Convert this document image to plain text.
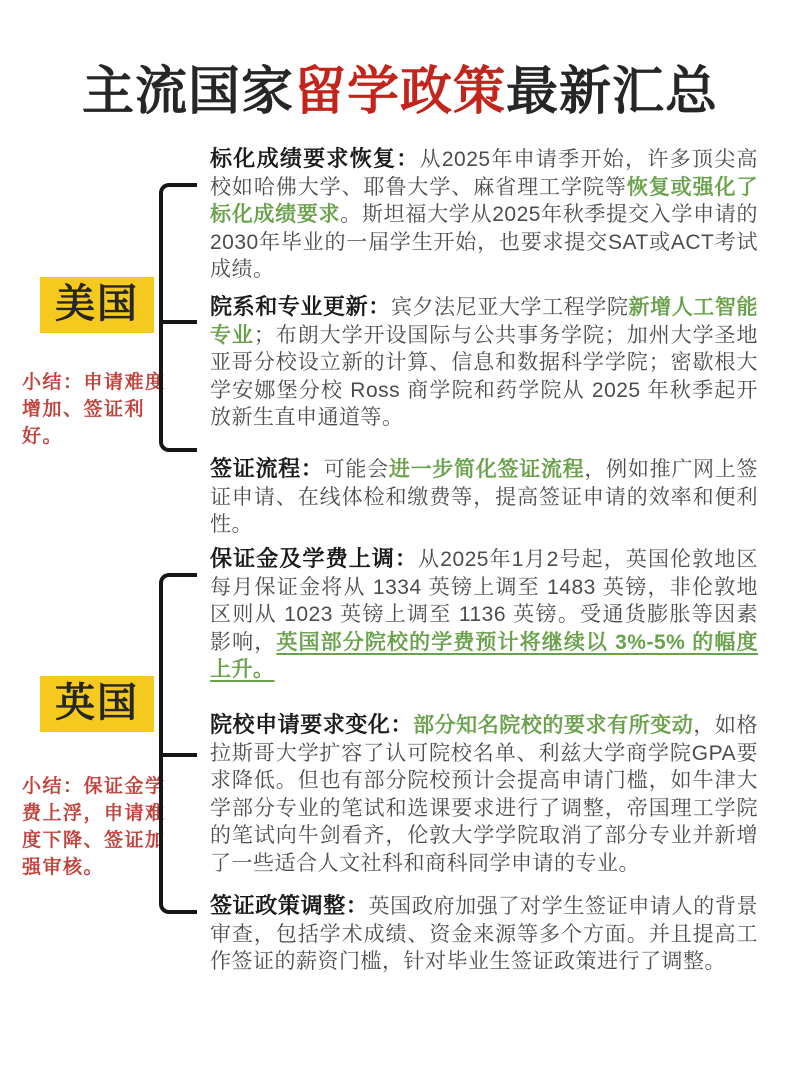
主流国家留学政策最新汇总
美国
小结：申请难度增加、签证利好。
英国
小结：保证金学费上浮，申请难度下降、签证加强审核。
标化成绩要求恢复：从2025年申请季开始，许多顶尖高校如哈佛大学、耶鲁大学、麻省理工学院等恢复或强化了标化成绩要求。斯坦福大学从2025年秋季提交入学申请的2030年毕业的一届学生开始，也要求提交SAT或ACT考试成绩。
院系和专业更新：宾夕法尼亚大学工程学院新增人工智能专业；布朗大学开设国际与公共事务学院；加州大学圣地亚哥分校设立新的计算、信息和数据科学学院；密歇根大学安娜堡分校 Ross 商学院和药学院从 2025 年秋季起开放新生直申通道等。
签证流程：可能会进一步简化签证流程，例如推广网上签证申请、在线体检和缴费等，提高签证申请的效率和便利性。
保证金及学费上调：从2025年1月2号起，英国伦敦地区每月保证金将从 1334 英镑上调至 1483 英镑，非伦敦地区则从 1023 英镑上调至 1136 英镑。受通货膨胀等因素影响，英国部分院校的学费预计将继续以 3%-5% 的幅度上升。
院校申请要求变化：部分知名院校的要求有所变动，如格拉斯哥大学扩容了认可院校名单、利兹大学商学院GPA要求降低。但也有部分院校预计会提高申请门槛，如牛津大学部分专业的笔试和选课要求进行了调整，帝国理工学院的笔试向牛剑看齐，伦敦大学学院取消了部分专业并新增了一些适合人文社科和商科同学申请的专业。
签证政策调整：英国政府加强了对学生签证申请人的背景审查，包括学术成绩、资金来源等多个方面。并且提高工作签证的薪资门槛，针对毕业生签证政策进行了调整。
